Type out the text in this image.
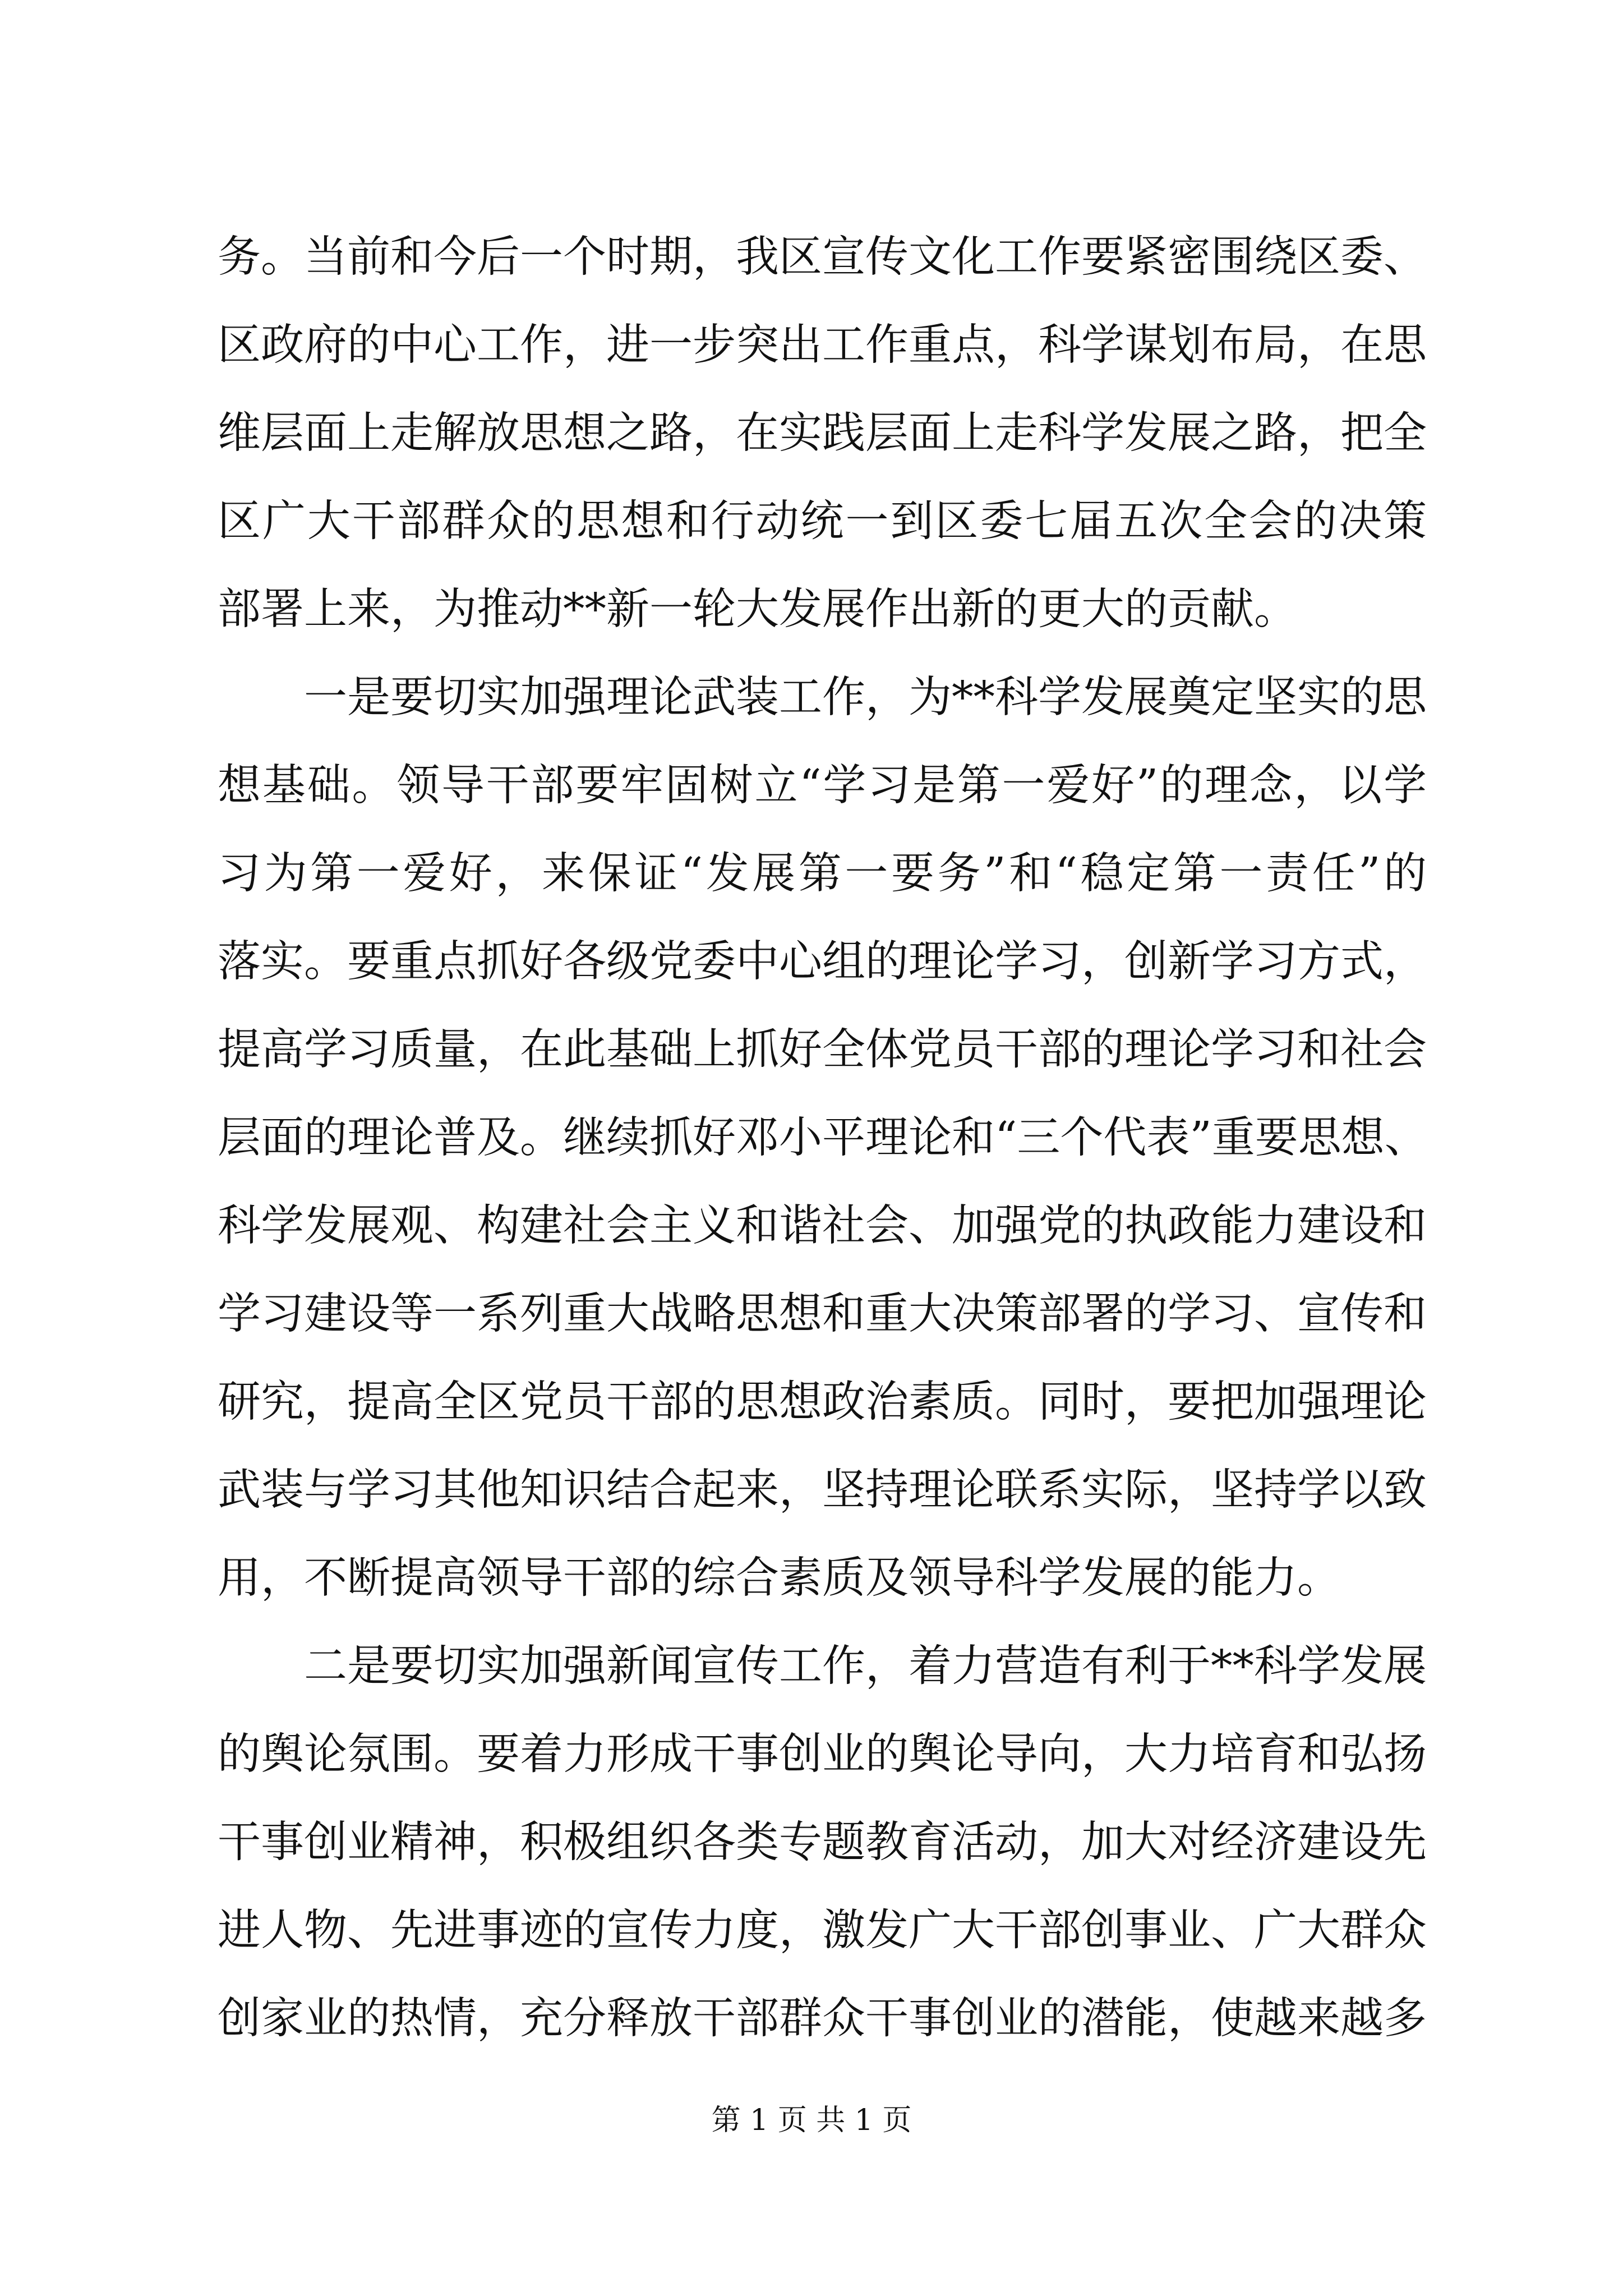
务。当前和今后一个时期，我区宣传文化工作要紧密围绕区委、
区政府的中心工作，进一步突出工作重点，科学谋划布局，在思
维层面上走解放思想之路，在实践层面上走科学发展之路，把全
区广大干部群众的思想和行动统一到区委七届五次全会的决策
部署上来，为推动**新一轮大发展作出新的更大的贡献。
一是要切实加强理论武装工作，为**科学发展奠定坚实的思
想基础。领导干部要牢固树立“学习是第一爱好”的理念，以学
习为第一爱好，来保证“发展第一要务”和“稳定第一责任”的
落实。要重点抓好各级党委中心组的理论学习，创新学习方式，
提高学习质量，在此基础上抓好全体党员干部的理论学习和社会
层面的理论普及。继续抓好邓小平理论和“三个代表”重要思想、
科学发展观、构建社会主义和谐社会、加强党的执政能力建设和
学习建设等一系列重大战略思想和重大决策部署的学习、宣传和
研究，提高全区党员干部的思想政治素质。同时，要把加强理论
武装与学习其他知识结合起来，坚持理论联系实际，坚持学以致
用，不断提高领导干部的综合素质及领导科学发展的能力。
二是要切实加强新闻宣传工作，着力营造有利于**科学发展
的舆论氛围。要着力形成干事创业的舆论导向，大力培育和弘扬
干事创业精神，积极组织各类专题教育活动，加大对经济建设先
进人物、先进事迹的宣传力度，激发广大干部创事业、广大群众
创家业的热情，充分释放干部群众干事创业的潜能，使越来越多
第 1 页 共 1 页
